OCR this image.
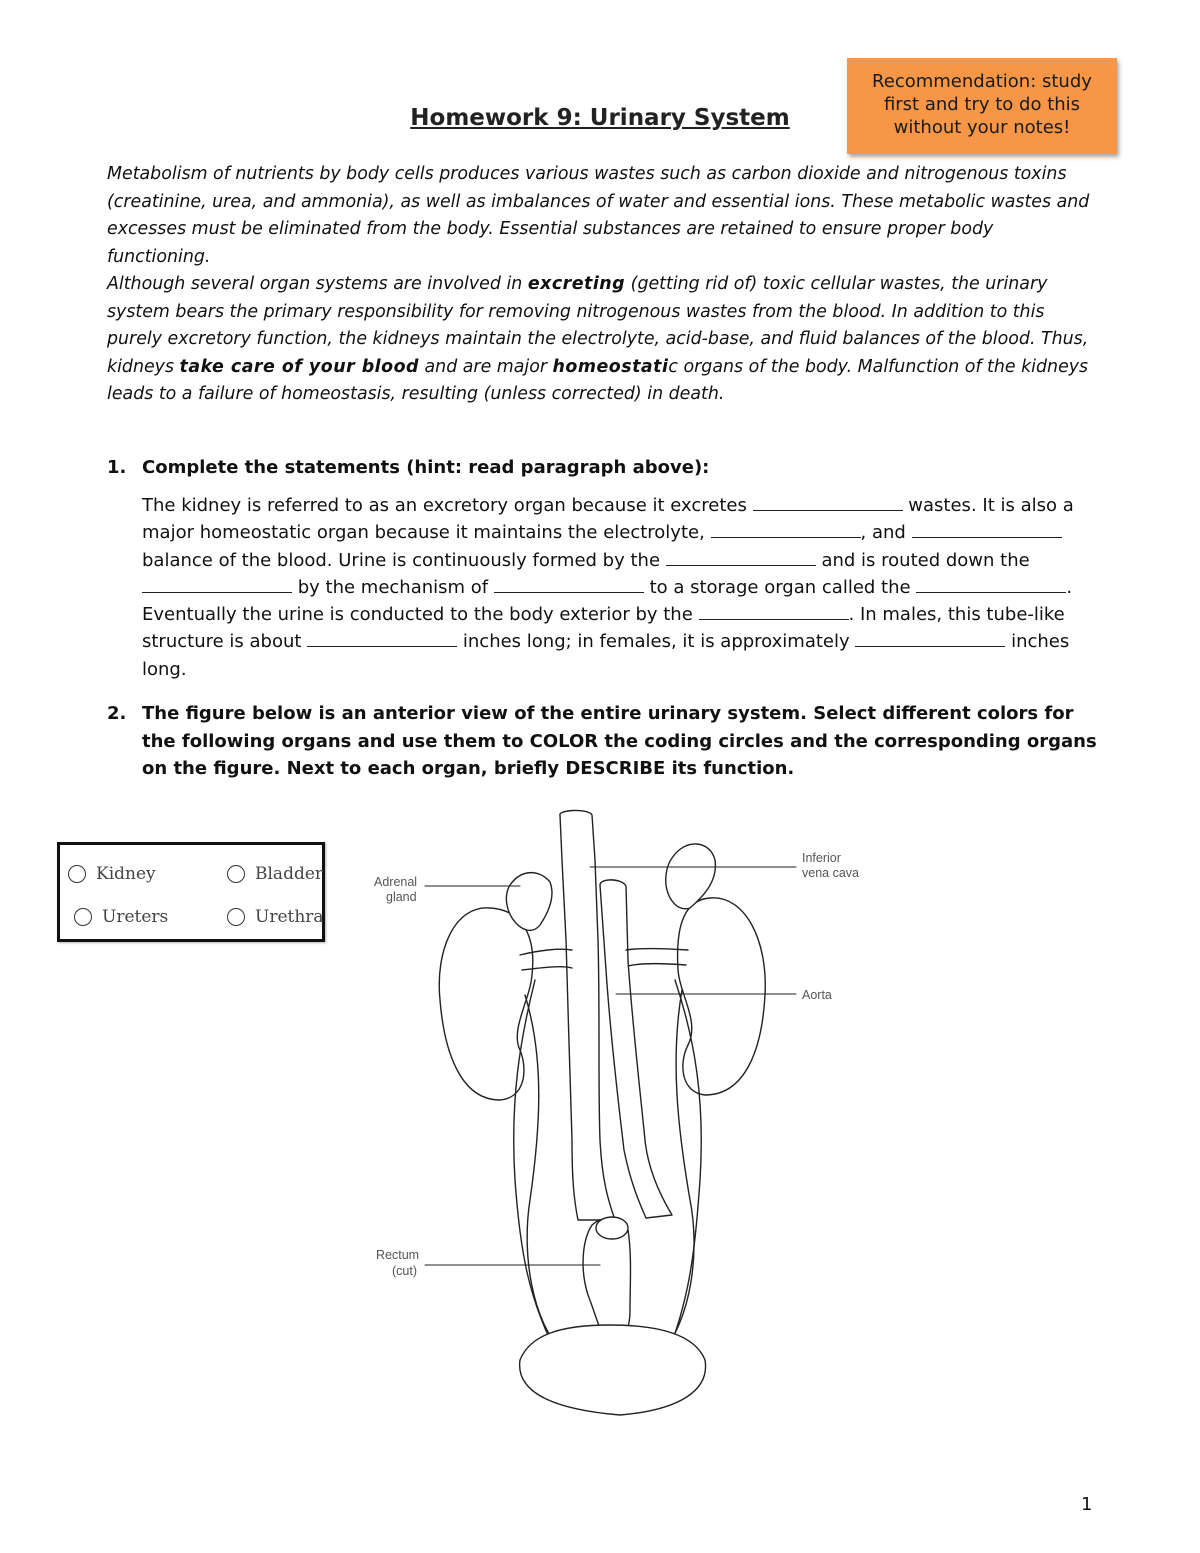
Recommendation: study
first and try to do this
without your notes!
Homework 9: Urinary System

Metabolism of nutrients by body cells produces various wastes such as carbon dioxide and nitrogenous toxins (creatinine, urea, and ammonia), as well as imbalances of water and essential ions. These metabolic wastes and excesses must be eliminated from the body. Essential substances are retained to ensure proper body functioning.

Although several organ systems are involved in excreting (getting rid of) toxic cellular wastes, the urinary system bears the primary responsibility for removing nitrogenous wastes from the blood. In addition to this purely excretory function, the kidneys maintain the electrolyte, acid-base, and fluid balances of the blood. Thus, kidneys take care of your blood and are major homeostatic organs of the body. Malfunction of the kidneys leads to a failure of homeostasis, resulting (unless corrected) in death.

1. Complete the statements (hint: read paragraph above):
The kidney is referred to as an excretory organ because it excretes	wastes. It is also a major homeostatic organ because it maintains the electrolyte,	, and  balance of the blood. Urine is continuously formed by the	and is routed down the  by the mechanism of	to a storage organ called the	. Eventually the urine is conducted to the body exterior by the	. In males, this tube-like structure is about	inches long; in females, it is approximately	inches long.
2. The figure below is an anterior view of the entire urinary system. Select different colors for the following organs and use them to COLOR the coding circles and the corresponding organs on the figure. Next to each organ, briefly DESCRIBE its function.
Kidney	Bladder
Ureters	Urethra
Adrenal
gland
Inferior
vena cava
Aorta
Rectum
(cut)
1
